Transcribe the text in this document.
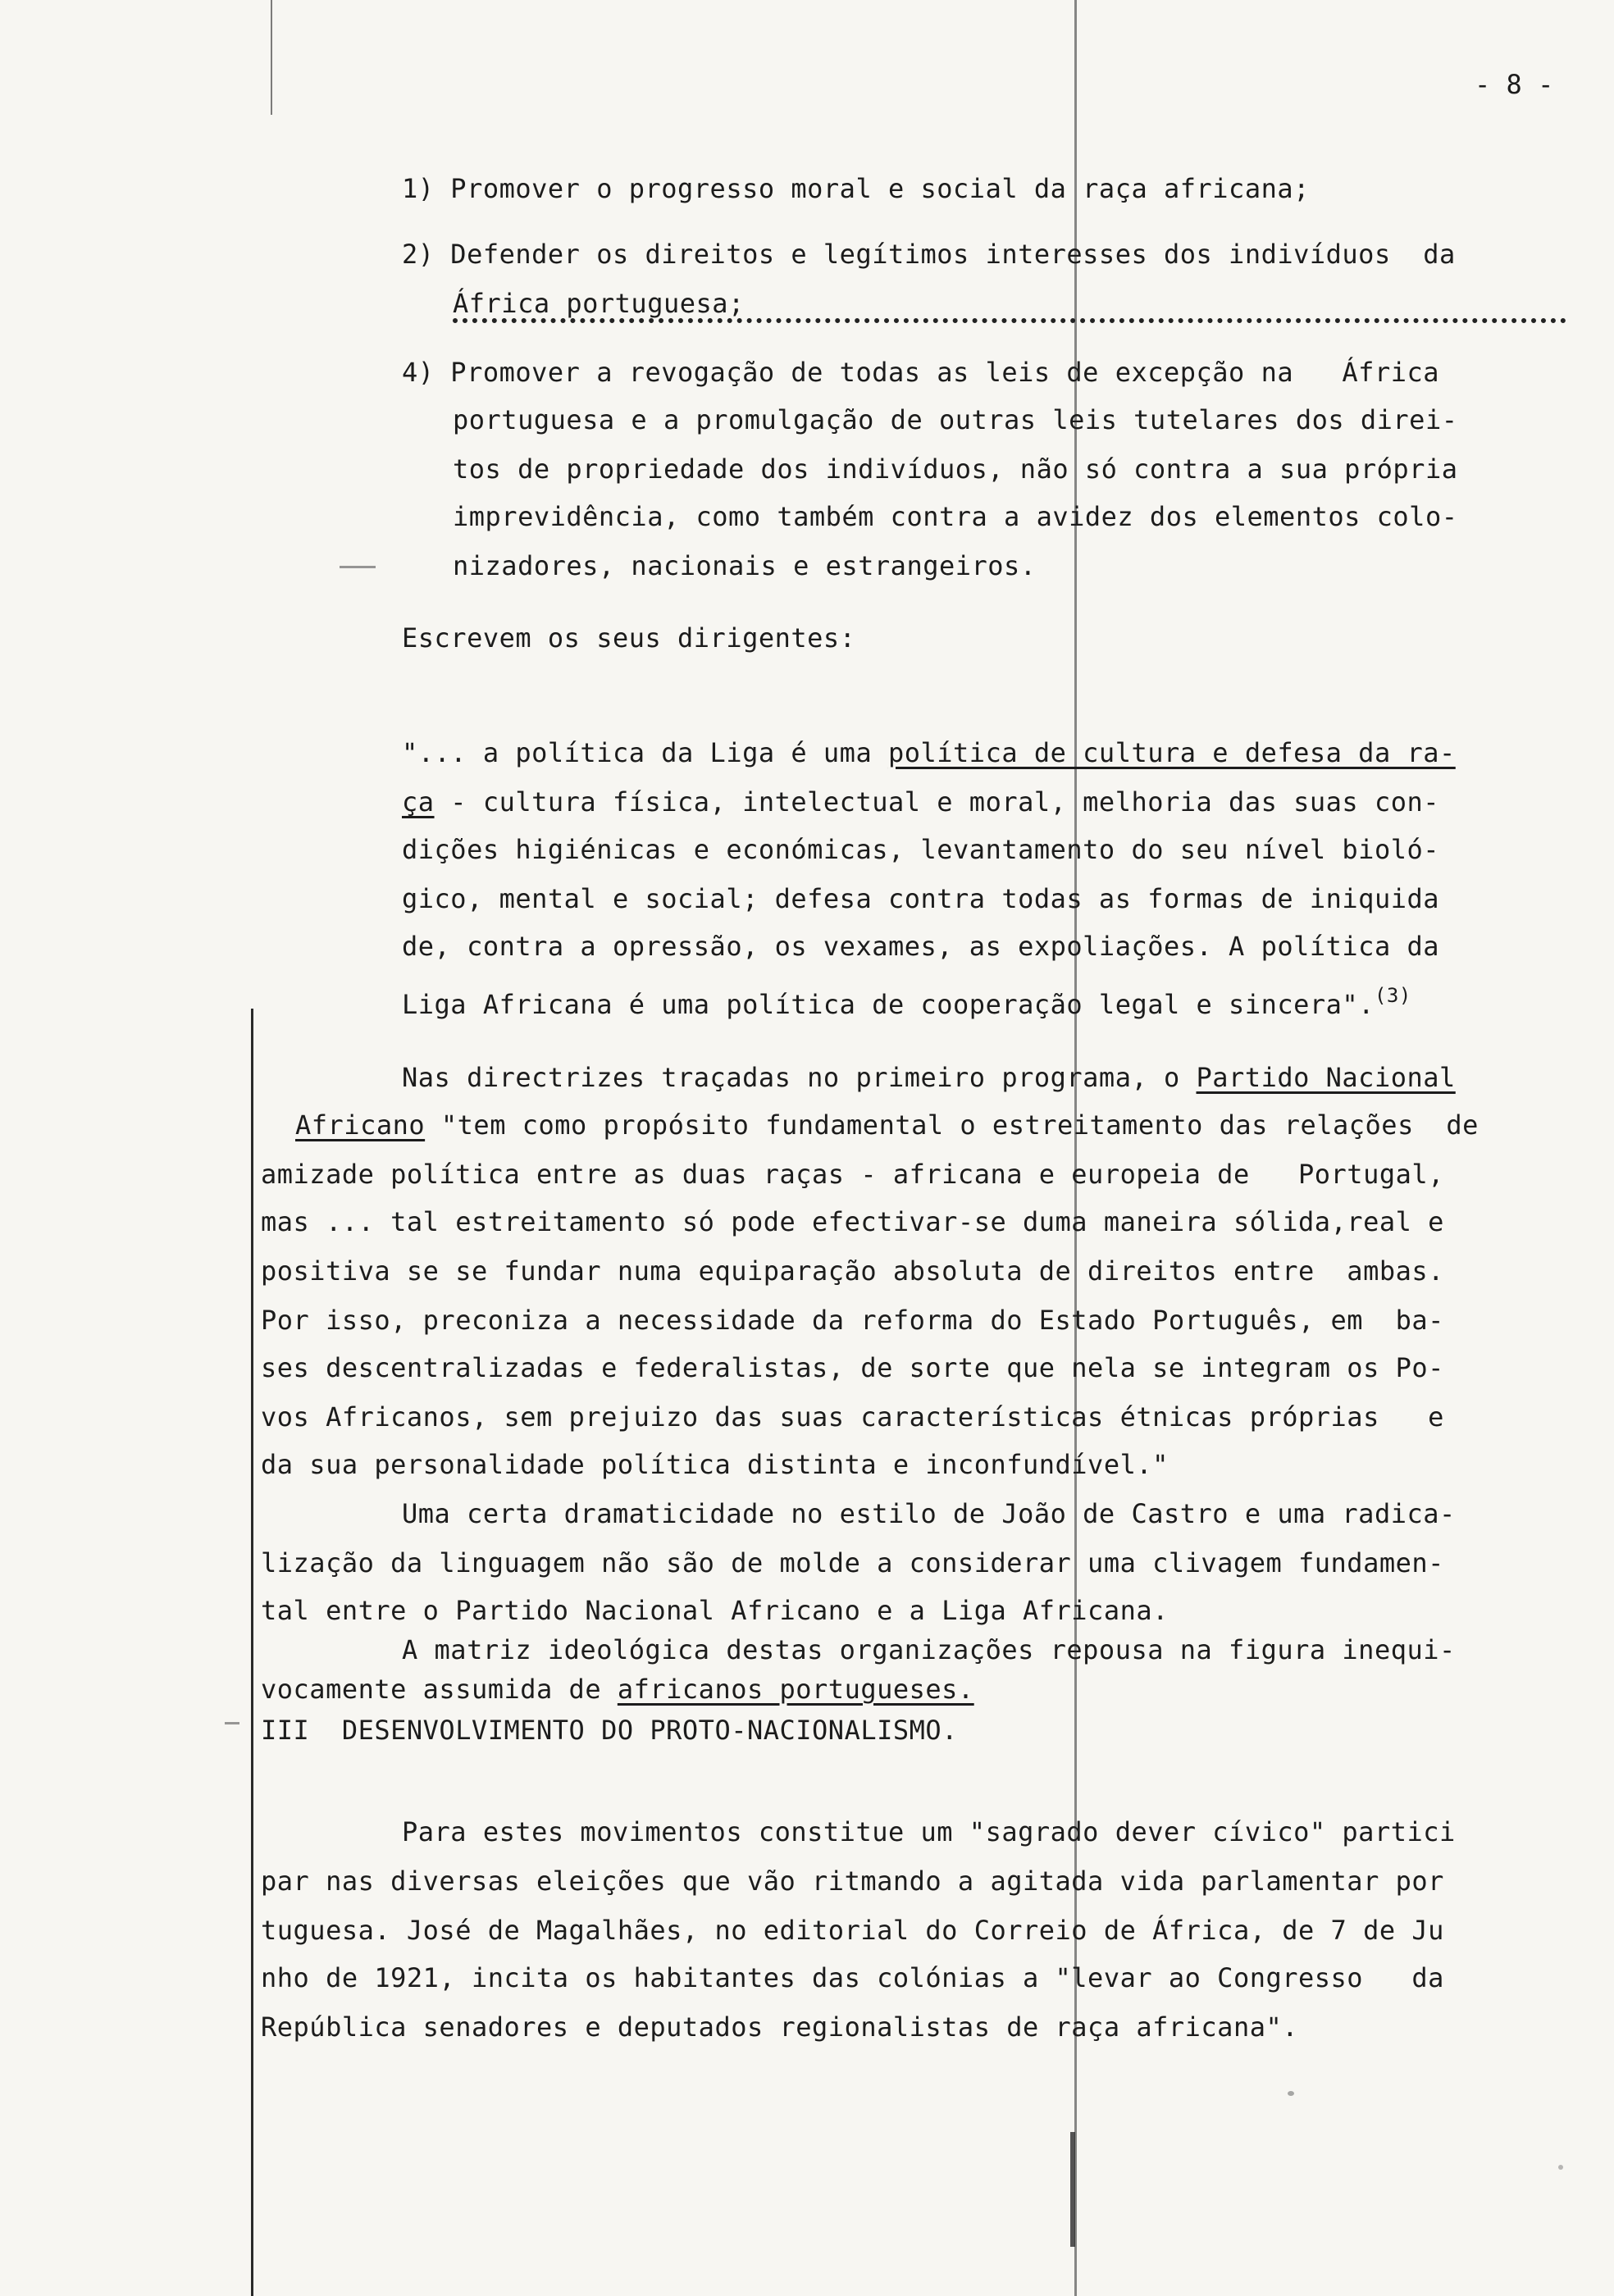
- 8 -
1) Promover o progresso moral e social da raça africana;
2) Defender os direitos e legítimos interesses dos indivíduos  da
África portuguesa;
4) Promover a revogação de todas as leis de excepção na   África
portuguesa e a promulgação de outras leis tutelares dos direi-
tos de propriedade dos indivíduos, não só contra a sua própria
imprevidência, como também contra a avidez dos elementos colo-
nizadores, nacionais e estrangeiros.
Escrevem os seus dirigentes:
"... a política da Liga é uma política de cultura e defesa da ra-
ça - cultura física, intelectual e moral, melhoria das suas con-
dições higiénicas e económicas, levantamento do seu nível bioló-
gico, mental e social; defesa contra todas as formas de iniquida
de, contra a opressão, os vexames, as expoliações. A política da
Liga Africana é uma política de cooperação legal e sincera".$^{(3)}$
Nas directrizes traçadas no primeiro programa, o Partido Nacional
Africano "tem como propósito fundamental o estreitamento das relações  de
amizade política entre as duas raças - africana e europeia de   Portugal,
mas ... tal estreitamento só pode efectivar-se duma maneira sólida,real e
positiva se se fundar numa equiparação absoluta de direitos entre  ambas.
Por isso, preconiza a necessidade da reforma do Estado Português, em  ba-
ses descentralizadas e federalistas, de sorte que nela se integram os Po-
vos Africanos, sem prejuizo das suas características étnicas próprias   e
da sua personalidade política distinta e inconfundível."
Uma certa dramaticidade no estilo de João de Castro e uma radica-
lização da linguagem não são de molde a considerar uma clivagem fundamen-
tal entre o Partido Nacional Africano e a Liga Africana.
A matriz ideológica destas organizações repousa na figura inequi-
vocamente assumida de africanos portugueses.
III  DESENVOLVIMENTO DO PROTO-NACIONALISMO.
Para estes movimentos constitue um "sagrado dever cívico" partici
par nas diversas eleições que vão ritmando a agitada vida parlamentar por
tuguesa. José de Magalhães, no editorial do Correio de África, de 7 de Ju
nho de 1921, incita os habitantes das colónias a "levar ao Congresso   da
República senadores e deputados regionalistas de raça africana".
